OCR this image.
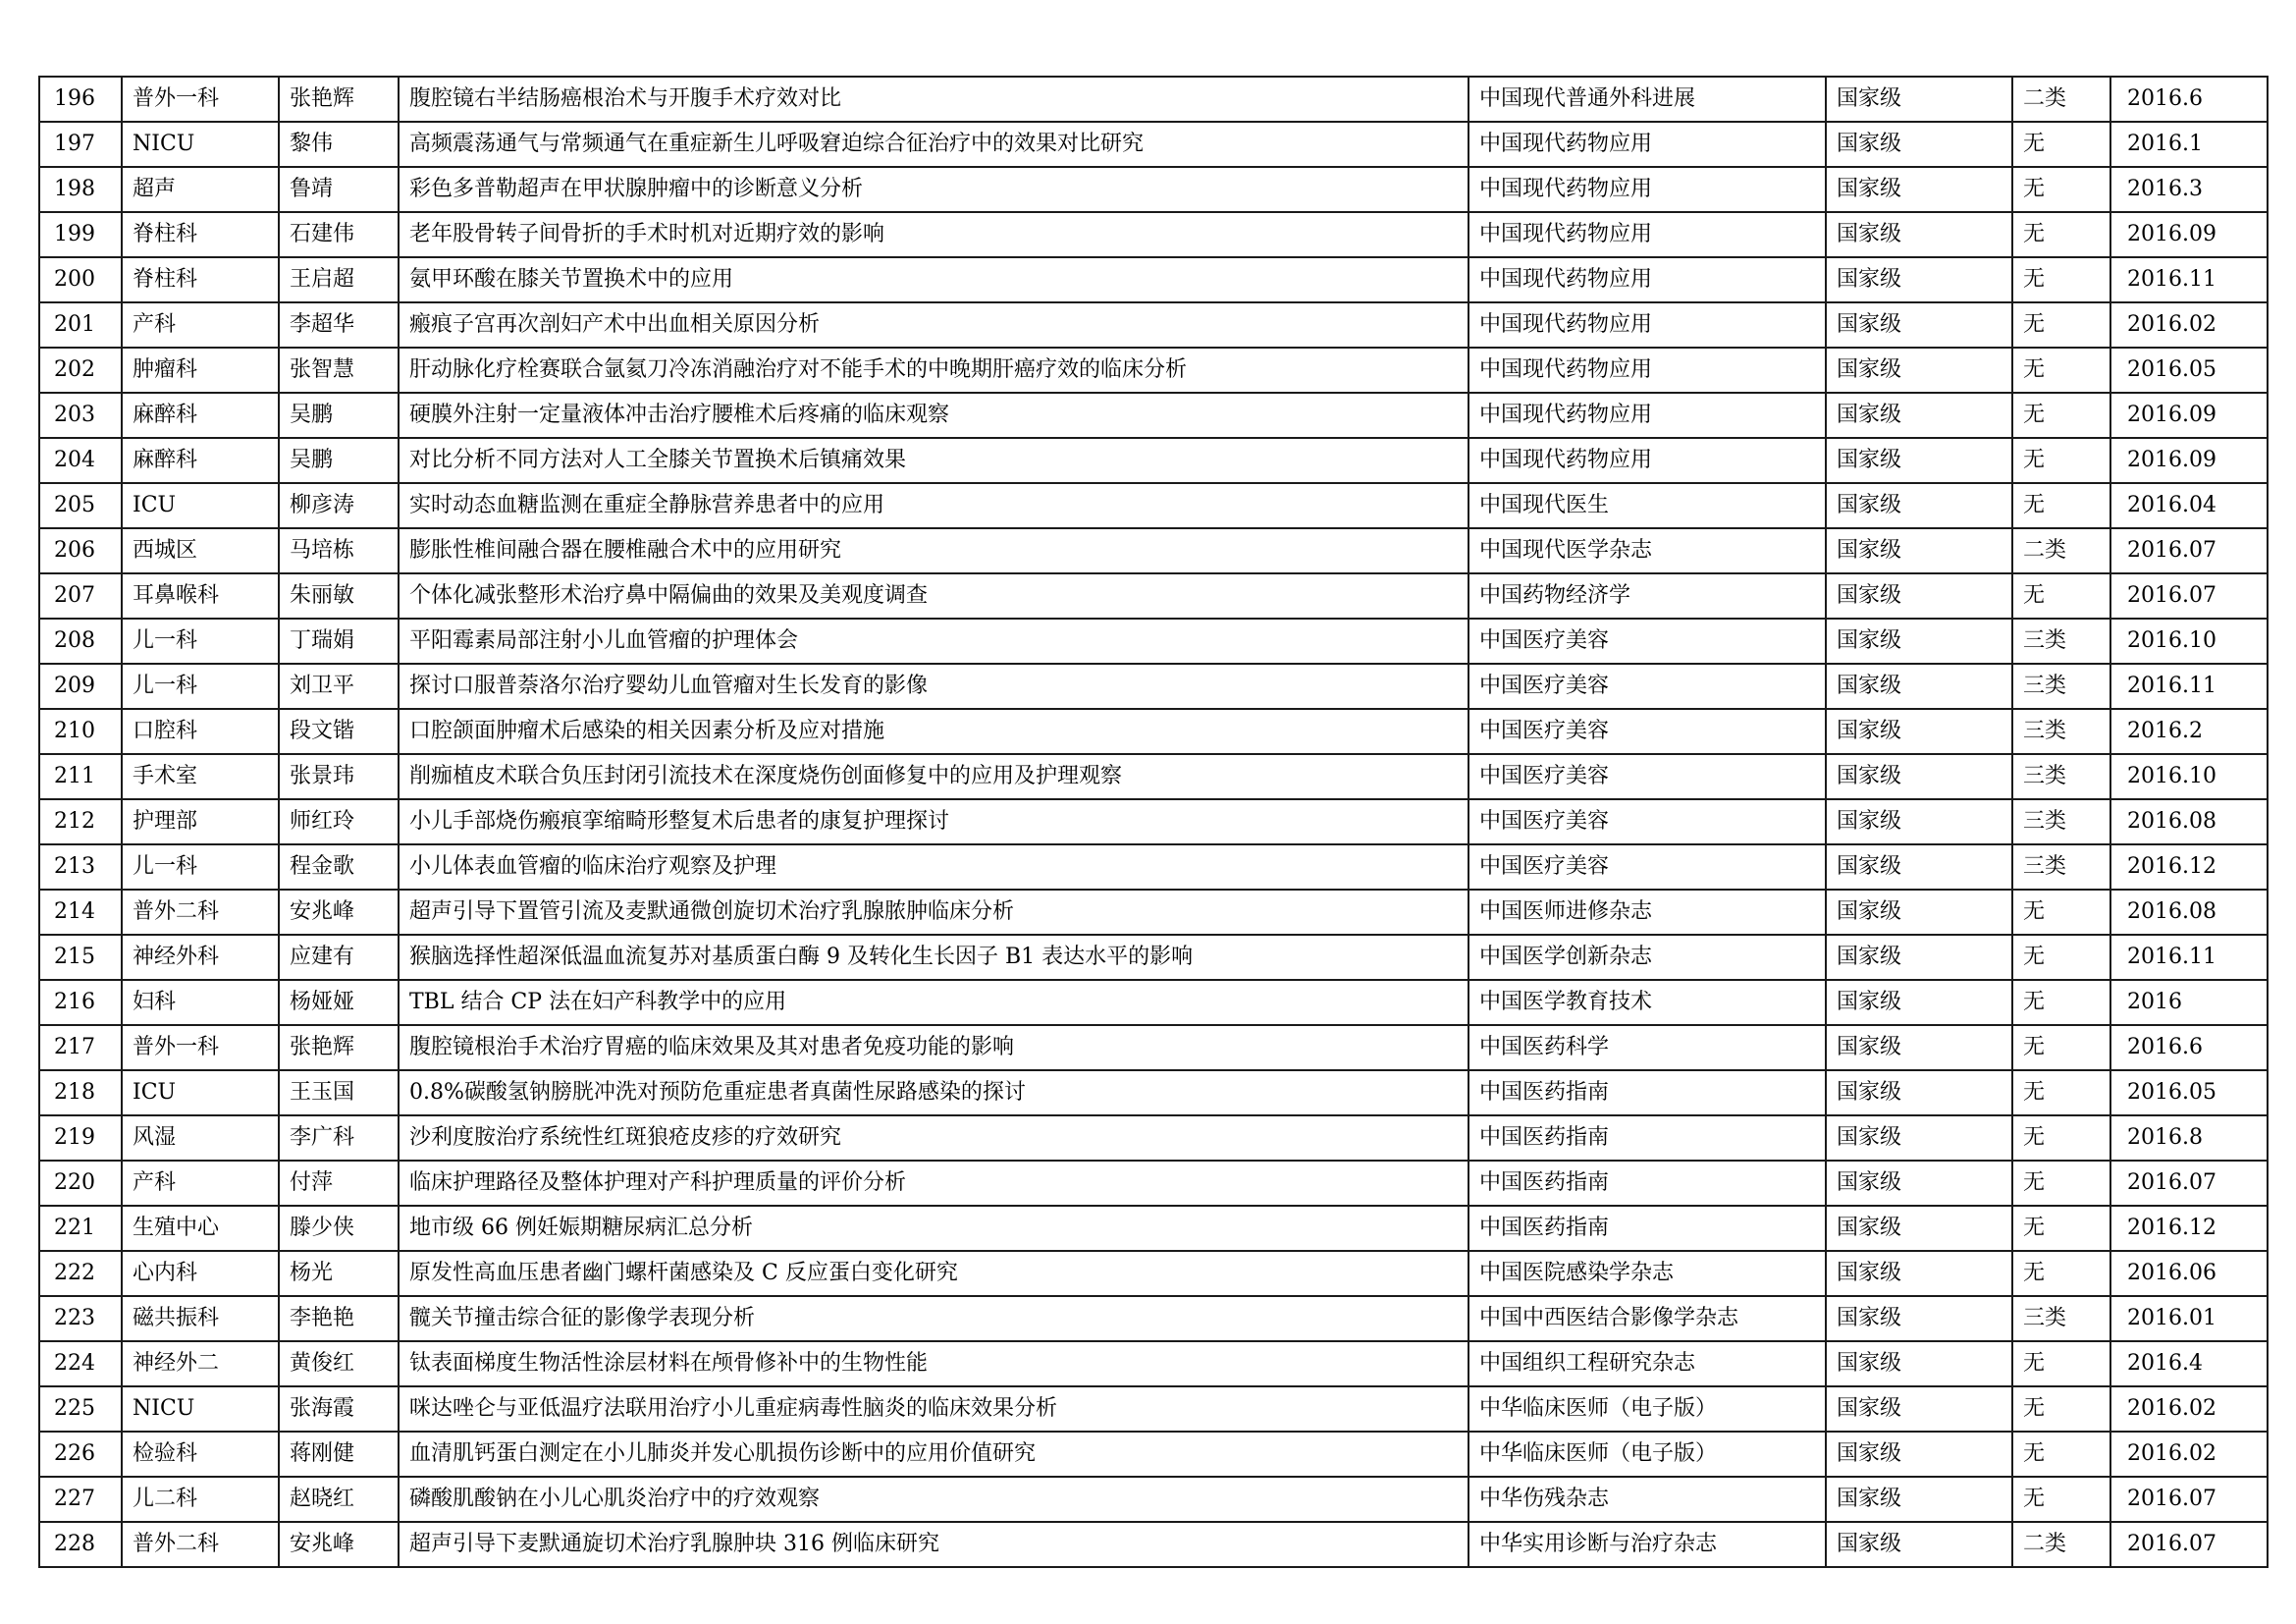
196	普外一科	张艳辉	腹腔镜右半结肠癌根治术与开腹手术疗效对比	中国现代普通外科进展	国家级	二类	2016.6
197	NICU	黎伟	高频震荡通气与常频通气在重症新生儿呼吸窘迫综合征治疗中的效果对比研究	中国现代药物应用	国家级	无	2016.1
198	超声	鲁靖	彩色多普勒超声在甲状腺肿瘤中的诊断意义分析	中国现代药物应用	国家级	无	2016.3
199	脊柱科	石建伟	老年股骨转子间骨折的手术时机对近期疗效的影响	中国现代药物应用	国家级	无	2016.09
200	脊柱科	王启超	氨甲环酸在膝关节置换术中的应用	中国现代药物应用	国家级	无	2016.11
201	产科	李超华	瘢痕子宫再次剖妇产术中出血相关原因分析	中国现代药物应用	国家级	无	2016.02
202	肿瘤科	张智慧	肝动脉化疗栓赛联合氩氦刀冷冻消融治疗对不能手术的中晚期肝癌疗效的临床分析	中国现代药物应用	国家级	无	2016.05
203	麻醉科	吴鹏	硬膜外注射一定量液体冲击治疗腰椎术后疼痛的临床观察	中国现代药物应用	国家级	无	2016.09
204	麻醉科	吴鹏	对比分析不同方法对人工全膝关节置换术后镇痛效果	中国现代药物应用	国家级	无	2016.09
205	ICU	柳彦涛	实时动态血糖监测在重症全静脉营养患者中的应用	中国现代医生	国家级	无	2016.04
206	西城区	马培栋	膨胀性椎间融合器在腰椎融合术中的应用研究	中国现代医学杂志	国家级	二类	2016.07
207	耳鼻喉科	朱丽敏	个体化减张整形术治疗鼻中隔偏曲的效果及美观度调查	中国药物经济学	国家级	无	2016.07
208	儿一科	丁瑞娟	平阳霉素局部注射小儿血管瘤的护理体会	中国医疗美容	国家级	三类	2016.10
209	儿一科	刘卫平	探讨口服普萘洛尔治疗婴幼儿血管瘤对生长发育的影像	中国医疗美容	国家级	三类	2016.11
210	口腔科	段文锴	口腔颌面肿瘤术后感染的相关因素分析及应对措施	中国医疗美容	国家级	三类	2016.2
211	手术室	张景玮	削痂植皮术联合负压封闭引流技术在深度烧伤创面修复中的应用及护理观察	中国医疗美容	国家级	三类	2016.10
212	护理部	师红玲	小儿手部烧伤瘢痕挛缩畸形整复术后患者的康复护理探讨	中国医疗美容	国家级	三类	2016.08
213	儿一科	程金歌	小儿体表血管瘤的临床治疗观察及护理	中国医疗美容	国家级	三类	2016.12
214	普外二科	安兆峰	超声引导下置管引流及麦默通微创旋切术治疗乳腺脓肿临床分析	中国医师进修杂志	国家级	无	2016.08
215	神经外科	应建有	猴脑选择性超深低温血流复苏对基质蛋白酶 9 及转化生长因子 B1 表达水平的影响	中国医学创新杂志	国家级	无	2016.11
216	妇科	杨娅娅	TBL 结合 CP 法在妇产科教学中的应用	中国医学教育技术	国家级	无	2016
217	普外一科	张艳辉	腹腔镜根治手术治疗胃癌的临床效果及其对患者免疫功能的影响	中国医药科学	国家级	无	2016.6
218	ICU	王玉国	0.8%碳酸氢钠膀胱冲洗对预防危重症患者真菌性尿路感染的探讨	中国医药指南	国家级	无	2016.05
219	风湿	李广科	沙利度胺治疗系统性红斑狼疮皮疹的疗效研究	中国医药指南	国家级	无	2016.8
220	产科	付萍	临床护理路径及整体护理对产科护理质量的评价分析	中国医药指南	国家级	无	2016.07
221	生殖中心	滕少侠	地市级 66 例妊娠期糖尿病汇总分析	中国医药指南	国家级	无	2016.12
222	心内科	杨光	原发性高血压患者幽门螺杆菌感染及 C 反应蛋白变化研究	中国医院感染学杂志	国家级	无	2016.06
223	磁共振科	李艳艳	髋关节撞击综合征的影像学表现分析	中国中西医结合影像学杂志	国家级	三类	2016.01
224	神经外二	黄俊红	钛表面梯度生物活性涂层材料在颅骨修补中的生物性能	中国组织工程研究杂志	国家级	无	2016.4
225	NICU	张海霞	咪达唑仑与亚低温疗法联用治疗小儿重症病毒性脑炎的临床效果分析	中华临床医师（电子版）	国家级	无	2016.02
226	检验科	蒋刚健	血清肌钙蛋白测定在小儿肺炎并发心肌损伤诊断中的应用价值研究	中华临床医师（电子版）	国家级	无	2016.02
227	儿二科	赵晓红	磷酸肌酸钠在小儿心肌炎治疗中的疗效观察	中华伤残杂志	国家级	无	2016.07
228	普外二科	安兆峰	超声引导下麦默通旋切术治疗乳腺肿块 316 例临床研究	中华实用诊断与治疗杂志	国家级	二类	2016.07
